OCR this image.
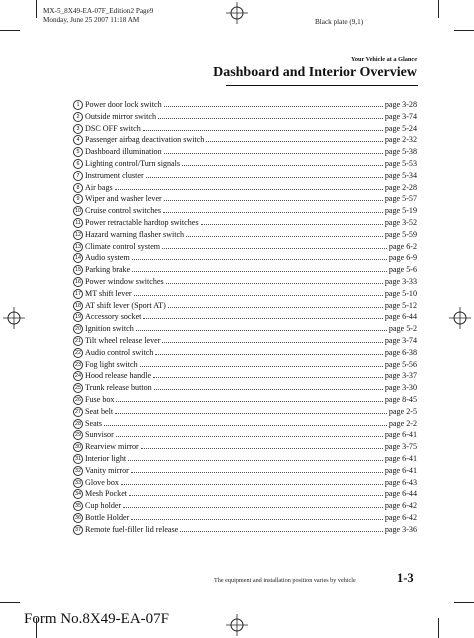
MX-5_8X49-EA-07F_Edition2 Page9
Monday, June 25 2007 11:18 AM	Black plate (9,1)
Your Vehicle at a Glance
Dashboard and Interior Overview
1 Power door lock switch	page 3-28
2 Outside mirror switch	page 3-74
3 DSC OFF switch	page 5-24
4 Passenger airbag deactivation switch	page 2-32
5 Dashboard illumination	page 5-38
6 Lighting control/Turn signals	page 5-53
7 Instrument cluster	page 5-34
8 Air bags	page 2-28
9 Wiper and washer lever	page 5-57
10 Cruise control switches	page 5-19
11 Power retractable hardtop switches	page 3-52
12 Hazard warning flasher switch	page 5-59
13 Climate control system	page 6-2
14 Audio system	page 6-9
15 Parking brake	page 5-6
16 Power window switches	page 3-33
17 MT shift lever	page 5-10
18 AT shift lever (Sport AT)	page 5-12
19 Accessory socket	page 6-44
20 Ignition switch	page 5-2
21 Tilt wheel release lever	page 3-74
22 Audio control switch	page 6-38
23 Fog light switch	page 5-56
24 Hood release handle	page 3-37
25 Trunk release button	page 3-30
26 Fuse box	page 8-45
27 Seat belt	page 2-5
28 Seats	page 2-2
29 Sunvisor	page 6-41
30 Rearview mirror	page 3-75
31 Interior light	page 6-41
32 Vanity mirror	page 6-41
33 Glove box	page 6-43
34 Mesh Pocket	page 6-44
35 Cup holder	page 6-42
36 Bottle Holder	page 6-42
37 Remote fuel-filler lid release	page 3-36
The equipment and installation position varies by vehicle	1-3
Form No.8X49-EA-07F
